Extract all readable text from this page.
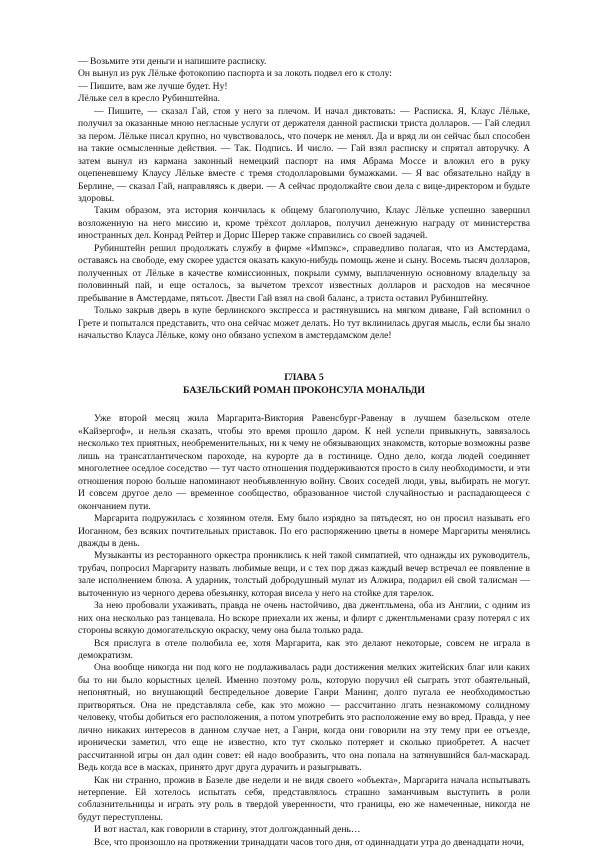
— Возьмите эти деньги и напишите расписку.

Он вынул из рук Лёльке фотокопию паспорта и за локоть подвел его к столу:

— Пишите, вам же лучше будет. Ну!

Лёльке сел в кресло Рубинштейна.

— Пишите, — сказал Гай, стоя у него за плечом. И начал диктовать: — Расписка. Я, Клаус Лёльке, получил за оказанные мною негласные услуги от держателя данной расписки триста долларов. — Гай следил за пером. Лёльке писал крупно, но чувствовалось, что почерк не менял. Да и вряд ли он сейчас был способен на такие осмысленные действия. — Так. Подпись. И число. — Гай взял расписку и спрятал авторучку. А затем вынул из кармана законный немецкий паспорт на имя Абрама Моссе и вложил его в руку оцепеневшему Клаусу Лёльке вместе с тремя стодолларовыми бумажками. — Я вас обязательно найду в Берлине, — сказал Гай, направляясь к двери. — А сейчас продолжайте свои дела с вице-директором и будьте здоровы.

Таким образом, эта история кончилась к общему благополучию, Клаус Лёльке успешно завершил возложенную на него миссию и, кроме трёхсот долларов, получил денежную награду от министерства иностранных дел. Конрад Рейтер и Дорис Шерер также справились со своей задачей.

Рубинштейн решил продолжать службу в фирме «Импэкс», справедливо полагая, что из Амстердама, оставаясь на свободе, ему скорее удастся оказать какую-нибудь помощь жене и сыну. Восемь тысяч долларов, полученных от Лёльке в качестве комиссионных, покрыли сумму, выплаченную основному владельцу за половинный пай, и еще осталось, за вычетом трехсот известных долларов и расходов на месячное пребывание в Амстердаме, пятьсот. Двести Гай взял на свой баланс, а триста оставил Рубинштейну.

Только закрыв дверь в купе берлинского экспресса и растянувшись на мягком диване, Гай вспомнил о Грете и попытался представить, что она сейчас может делать. Но тут вклинилась другая мысль, если бы знало начальство Клауса Лёльке, кому оно обязано успехом в амстердамском деле!

ГЛАВА 5

БАЗЕЛЬСКИЙ РОМАН ПРОКОНСУЛА МОНАЛЬДИ

Уже второй месяц жила Маргарита-Виктория Равенсбург-Равенау в лучшем базельском отеле «Кайзергоф», и нельзя сказать, чтобы это время прошло даром. К ней успели привыкнуть, завязалось несколько тех приятных, необременительных, ни к чему не обязывающих знакомств, которые возможны разве лишь на трансатлантическом пароходе, на курорте да в гостинице. Одно дело, когда людей соединяет многолетнее оседлое соседство — тут часто отношения поддерживаются просто в силу необходимости, и эти отношения порою больше напоминают необъявленную войну. Своих соседей люди, увы, выбирать не могут. И совсем другое дело — временное сообщество, образованное чистой случайностью и распадающееся с окончанием пути.

Маргарита подружилась с хозяином отеля. Ему было изрядно за пятьдесят, но он просил называть его Иоганном, без всяких почтительных приставок. По его распоряжению цветы в номере Маргариты менялись дважды в день.

Музыканты из ресторанного оркестра прониклись к ней такой симпатией, что однажды их руководитель, трубач, попросил Маргариту назвать любимые вещи, и с тех пор джаз каждый вечер встречал ее появление в зале исполнением блюза. А ударник, толстый добродушный мулат из Алжира, подарил ей свой талисман — выточенную из черного дерева обезьянку, которая висела у него на стойке для тарелок.

За нею пробовали ухаживать, правда не очень настойчиво, два джентльмена, оба из Англии, с одним из них она несколько раз танцевала. Но вскоре приехали их жены, и флирт с джентльменами сразу потерял с их стороны всякую домогательскую окраску, чему она была только рада.

Вся прислуга в отеле полюбила ее, хотя Маргарита, как это делают некоторые, совсем не играла в демократизм.

Она вообще никогда ни под кого не подлаживалась ради достижения мелких житейских благ или каких бы то ни было корыстных целей. Именно поэтому роль, которую поручил ей сыграть этот обаятельный, непонятный, но внушающий беспредельное доверие Ганри Манинг, долго пугала ее необходимостью притворяться. Она не представляла себе, как это можно — рассчитанно лгать незнакомому солидному человеку, чтобы добиться его расположения, а потом употребить это расположение ему во вред. Правда, у нее лично никаких интересов в данном случае нет, а Ганри, когда они говорили на эту тему при ее отъезде, иронически заметил, что еще не известно, кто тут сколько потеряет и сколько приобретет. А насчет рассчитанной игры он дал один совет: ей надо вообразить, что она попала на затянувшийся бал-маскарад. Ведь когда все в масках, принято друг друга дурачить и разыгрывать.

Как ни странно, прожив в Базеле две недели и не видя своего «объекта», Маргарита начала испытывать нетерпение. Ей хотелось испытать себя, представлялось страшно заманчивым выступить в роли соблазнительницы и играть эту роль в твердой уверенности, что границы, ею же намеченные, никогда не будут переступлены.

И вот настал, как говорили в старину, этот долгожданный день…

Все, что произошло на протяжении тринадцати часов того дня, от одиннадцати утра до двенадцати ночи,
